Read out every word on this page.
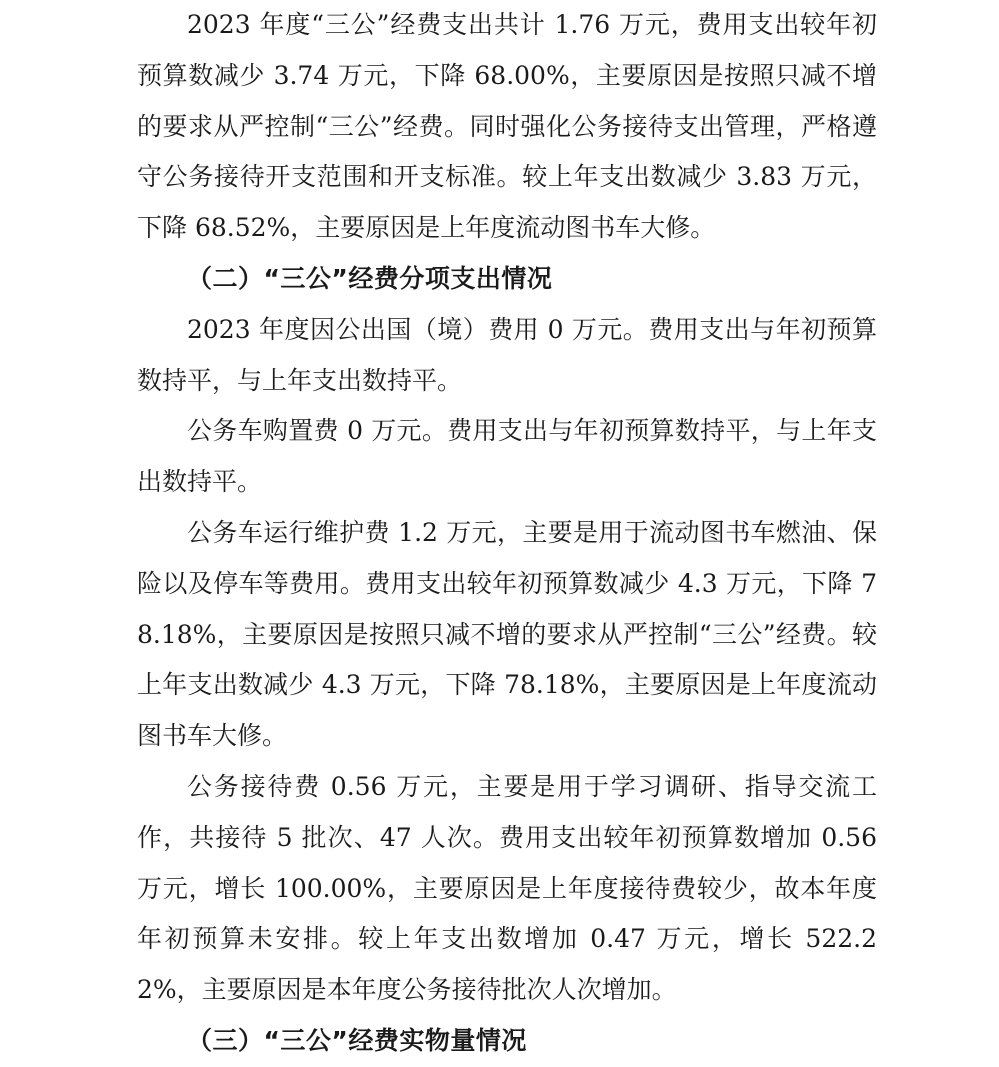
2023 年度“三公”经费支出共计 1.76 万元，费用支出较年初预算数减少 3.74 万元，下降 68.00%，主要原因是按照只减不增的要求从严控制“三公”经费。同时强化公务接待支出管理，严格遵守公务接待开支范围和开支标准。较上年支出数减少 3.83 万元，下降 68.52%，主要原因是上年度流动图书车大修。

（二）“三公”经费分项支出情况

2023 年度因公出国（境）费用 0 万元。费用支出与年初预算数持平，与上年支出数持平。

公务车购置费 0 万元。费用支出与年初预算数持平，与上年支出数持平。

公务车运行维护费 1.2 万元，主要是用于流动图书车燃油、保险以及停车等费用。费用支出较年初预算数减少 4.3 万元，下降 78.18%，主要原因是按照只减不增的要求从严控制“三公”经费。较上年支出数减少 4.3 万元，下降 78.18%，主要原因是上年度流动图书车大修。

公务接待费 0.56 万元，主要是用于学习调研、指导交流工作，共接待 5 批次、47 人次。费用支出较年初预算数增加 0.56 万元，增长 100.00%，主要原因是上年度接待费较少，故本年度年初预算未安排。较上年支出数增加 0.47 万元，增长 522.22%，主要原因是本年度公务接待批次人次增加。

（三）“三公”经费实物量情况
